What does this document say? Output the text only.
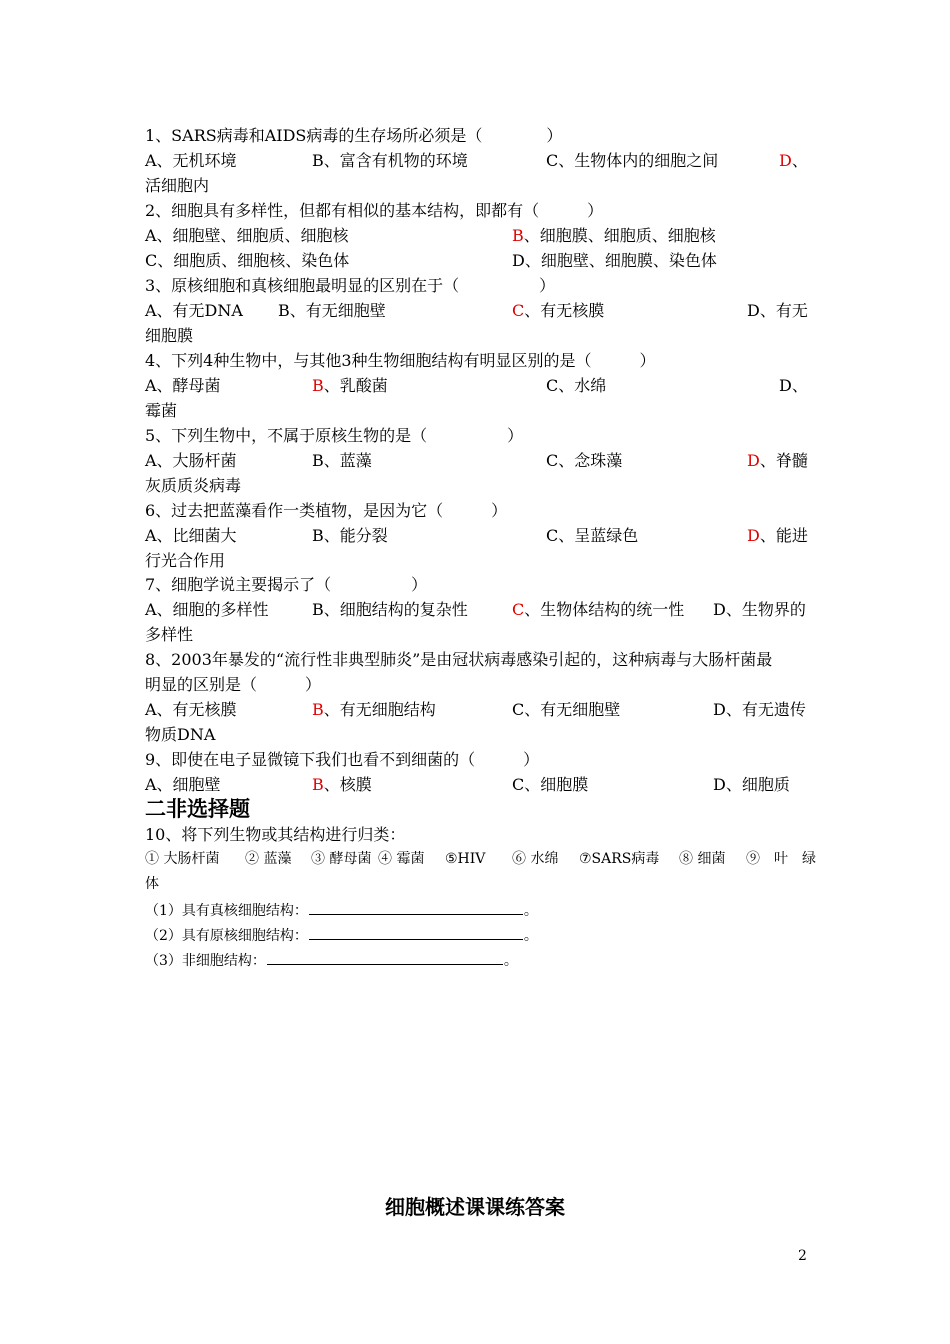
1、SARS病毒和AIDS病毒的生存场所必须是（　　　　）
A、无机环境	B、富含有机物的环境	C、生物体内的细胞之间	D、
活细胞内
2、细胞具有多样性，但都有相似的基本结构，即都有（　　　）
A、细胞壁、细胞质、细胞核	B、细胞膜、细胞质、细胞核
C、细胞质、细胞核、染色体	D、细胞壁、细胞膜、染色体
3、原核细胞和真核细胞最明显的区别在于（　　　　　）
A、有无DNA B、有无细胞壁	C、有无核膜	D、有无
细胞膜
4、下列4种生物中，与其他3种生物细胞结构有明显区别的是（　　　）
A、酵母菌	B、乳酸菌	C、水绵	D、
霉菌
5、下列生物中，不属于原核生物的是（　　　　　）
A、大肠杆菌	B、蓝藻	C、念珠藻	D、脊髓
灰质质炎病毒
6、过去把蓝藻看作一类植物，是因为它（　　　）
A、比细菌大	B、能分裂	C、呈蓝绿色	D、能进
行光合作用
7、细胞学说主要揭示了（　　　　　）
A、细胞的多样性	B、细胞结构的复杂性	C、生物体结构的统一性 D、生物界的
多样性
8、2003年暴发的“流行性非典型肺炎”是由冠状病毒感染引起的，这种病毒与大肠杆菌最
明显的区别是（　　　）
A、有无核膜	B、有无细胞结构	C、有无细胞壁	D、有无遗传
物质DNA
9、即使在电子显微镜下我们也看不到细菌的（　　　）
A、细胞壁	B、核膜	C、细胞膜	D、细胞质
二非选择题
10、将下列生物或其结构进行归类：
① 大肠杆菌 ② 蓝藻 ③ 酵母菌 ④ 霉菌 ⑤HIV ⑥ 水绵 ⑦SARS病毒 ⑧ 细菌 ⑨　叶　绿
体
（1）具有真核细胞结构：	。
（2）具有原核细胞结构：	。
（3）非细胞结构：	。
细胞概述课课练答案
2
